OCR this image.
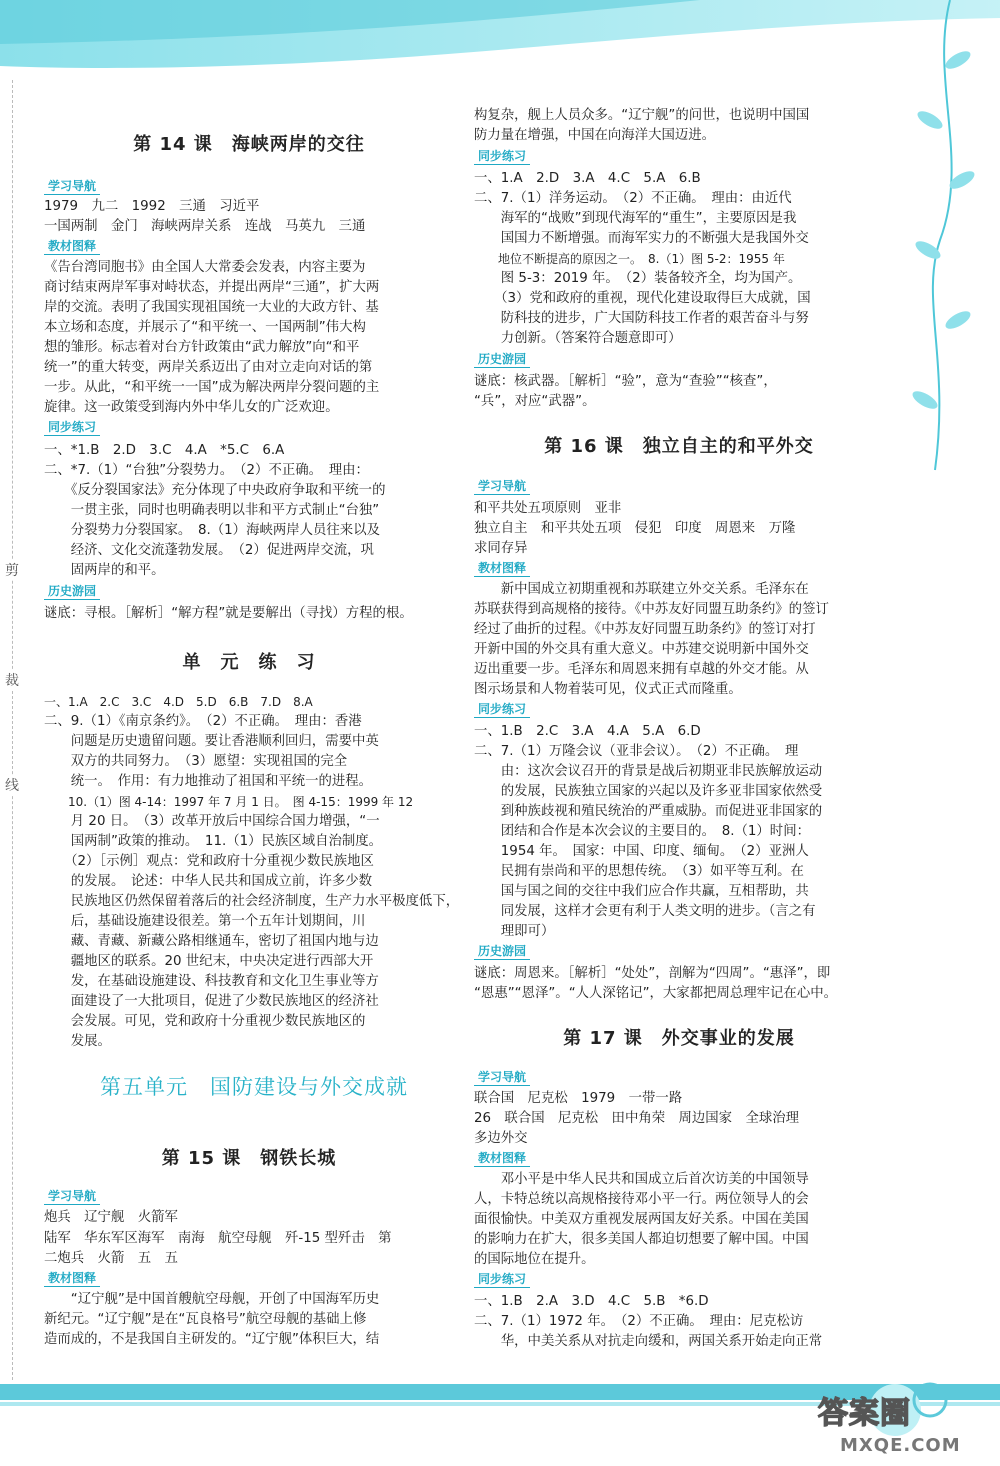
剪
裁
线
第 14 课　海峡两岸的交往
学习导航
1979　九二　1992　三通　习近平
一国两制　金门　海峡两岸关系　连战　马英九　三通
教材图释
《告台湾同胞书》由全国人大常委会发表，内容主要为
商讨结束两岸军事对峙状态，并提出两岸“三通”，扩大两
岸的交流。表明了我国实现祖国统一大业的大政方针、基
本立场和态度，并展示了“和平统一、一国两制”伟大构
想的雏形。标志着对台方针政策由“武力解放”向“和平
统一”的重大转变，两岸关系迈出了由对立走向对话的第
一步。从此，“和平统一一国”成为解决两岸分裂问题的主
旋律。这一政策受到海内外中华儿女的广泛欢迎。
同步练习
一、*1.B　2.D　3.C　4.A　*5.C　6.A
二、*7.（1）“台独”分裂势力。　（2）不正确。　理由：
　　《反分裂国家法》充分体现了中央政府争取和平统一的
　　一贯主张，同时也明确表明以非和平方式制止“台独”
　　分裂势力分裂国家。　8.（1）海峡两岸人员往来以及
　　经济、文化交流蓬勃发展。　（2）促进两岸交流，巩
　　固两岸的和平。
历史游园
谜底：寻根。［解析］“解方程”就是要解出（寻找）方程的根。
单　元　练　习
一、1.A　2.C　3.C　4.D　5.D　6.B　7.D　8.A
二、9.（1）《南京条约》。　（2）不正确。　理由：香港
　　问题是历史遗留问题。要让香港顺利回归，需要中英
　　双方的共同努力。　（3）愿望：实现祖国的完全
　　统一。　作用：有力地推动了祖国和平统一的进程。
　　10.（1）图 4-14：1997 年 7 月 1 日。　图 4-15：1999 年 12
　　月 20 日。　（3）改革开放后中国综合国力增强，“一
　　国两制”政策的推动。　11.（1）民族区域自治制度。
　　（2）［示例］观点：党和政府十分重视少数民族地区
　　的发展。　论述：中华人民共和国成立前，许多少数
　　民族地区仍然保留着落后的社会经济制度，生产力水平极度低下，
　　后，基础设施建设很差。第一个五年计划期间，川
　　藏、青藏、新藏公路相继通车，密切了祖国内地与边
　　疆地区的联系。20 世纪末，中央决定进行西部大开
　　发，在基础设施建设、科技教育和文化卫生事业等方
　　面建设了一大批项目，促进了少数民族地区的经济社
　　会发展。可见，党和政府十分重视少数民族地区的
　　发展。
第五单元　国防建设与外交成就
第 15 课　钢铁长城
学习导航
炮兵　辽宁舰　火箭军
陆军　华东军区海军　南海　航空母舰　歼-15 型歼击　第
二炮兵　火箭　五　五
教材图释
　　“辽宁舰”是中国首艘航空母舰，开创了中国海军历史
新纪元。“辽宁舰”是在“瓦良格号”航空母舰的基础上修
造而成的，不是我国自主研发的。“辽宁舰”体积巨大，结
构复杂，舰上人员众多。“辽宁舰”的问世，也说明中国国
防力量在增强，中国在向海洋大国迈进。
同步练习
一、1.A　2.D　3.A　4.C　5.A　6.B
二、7.（1）洋务运动。　（2）不正确。　理由：由近代
　　海军的“战败”到现代海军的“重生”，主要原因是我
　　国国力不断增强。而海军实力的不断强大是我国外交
　　地位不断提高的原因之一。　8.（1）图 5-2：1955 年
　　图 5-3：2019 年。　（2）装备较齐全，均为国产。
　　（3）党和政府的重视，现代化建设取得巨大成就，国
　　防科技的进步，广大国防科技工作者的艰苦奋斗与努
　　力创新。（答案符合题意即可）
历史游园
谜底：核武器。［解析］“验”，意为“查验”“核查”，
“兵”，对应“武器”。
第 16 课　独立自主的和平外交
学习导航
和平共处五项原则　亚非
独立自主　和平共处五项　侵犯　印度　周恩来　万隆
求同存异
教材图释
　　新中国成立初期重视和苏联建立外交关系。毛泽东在
苏联获得到高规格的接待。《中苏友好同盟互助条约》的签订
经过了曲折的过程。《中苏友好同盟互助条约》的签订对打
开新中国的外交具有重大意义。中苏建交说明新中国外交
迈出重要一步。毛泽东和周恩来拥有卓越的外交才能。从
图示场景和人物着装可见，仪式正式而隆重。
同步练习
一、1.B　2.C　3.A　4.A　5.A　6.D
二、7.（1）万隆会议（亚非会议）。　（2）不正确。　理
　　由：这次会议召开的背景是战后初期亚非民族解放运动
　　的发展，民族独立国家的兴起以及许多亚非国家依然受
　　到种族歧视和殖民统治的严重威胁。而促进亚非国家的
　　团结和合作是本次会议的主要目的。　8.（1）时间：
　　1954 年。　国家：中国、印度、缅甸。　（2）亚洲人
　　民拥有崇尚和平的思想传统。　（3）如平等互利。在
　　国与国之间的交往中我们应合作共赢，互相帮助，共
　　同发展，这样才会更有利于人类文明的进步。（言之有
　　理即可）
历史游园
谜底：周恩来。［解析］“处处”，剖解为“四周”。“惠泽”，即
“恩惠”“恩泽”。“人人深铭记”，大家都把周总理牢记在心中。
第 17 课　外交事业的发展
学习导航
联合国　尼克松　1979　一带一路
26　联合国　尼克松　田中角荣　周边国家　全球治理
多边外交
教材图释
　　邓小平是中华人民共和国成立后首次访美的中国领导
人，卡特总统以高规格接待邓小平一行。两位领导人的会
面很愉快。中美双方重视发展两国友好关系。中国在美国
的影响力在扩大，很多美国人都迫切想要了解中国。中国
的国际地位在提升。
同步练习
一、1.B　2.A　3.D　4.C　5.B　*6.D
二、7.（1）1972 年。　（2）不正确。　理由：尼克松访
　　华，中美关系从对抗走向缓和，两国关系开始走向正常
答案圈
MXQE.COM
